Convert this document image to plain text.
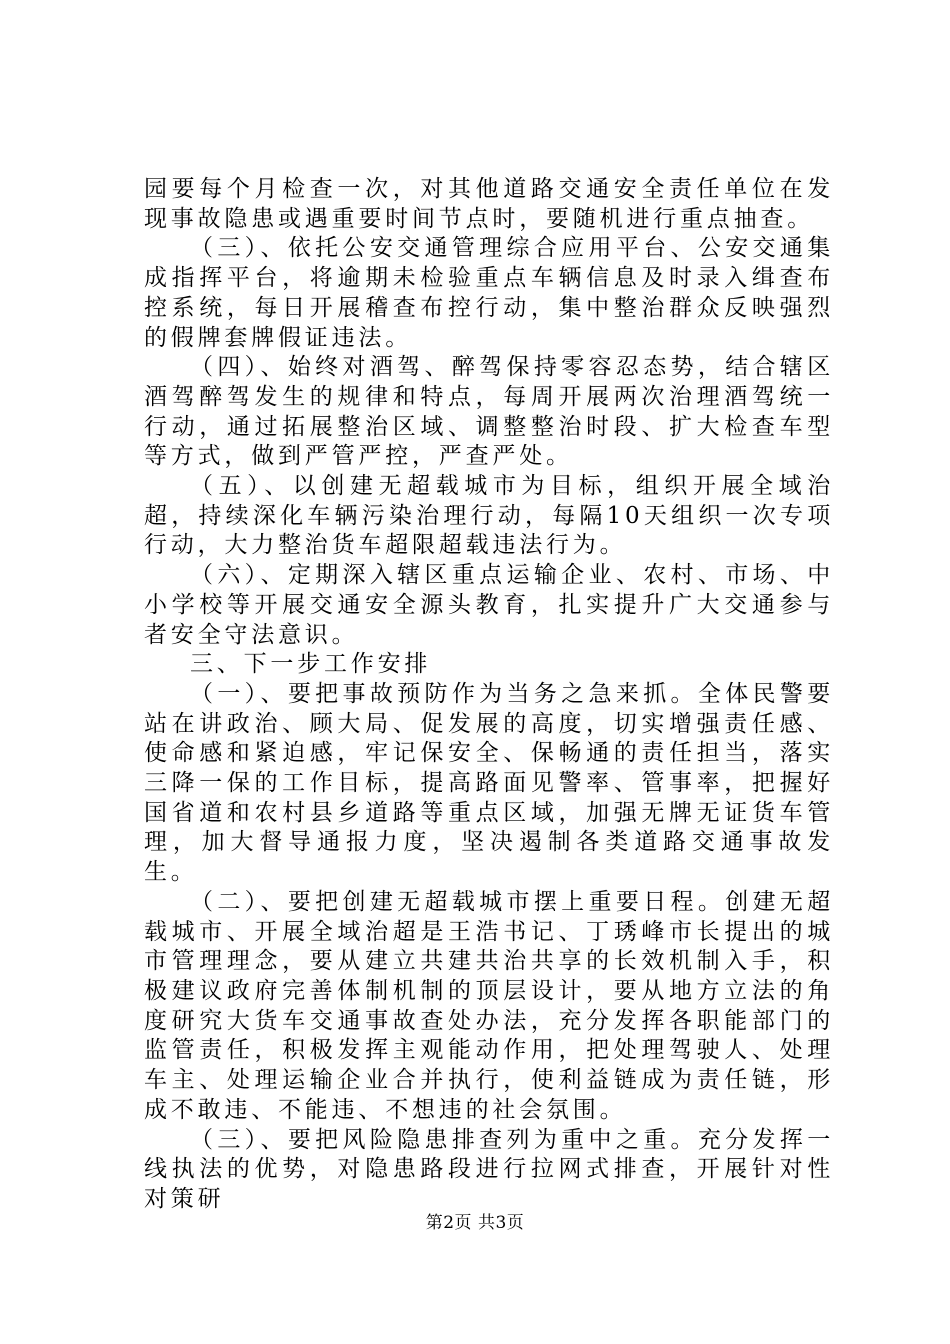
园要每个月检查一次，对其他道路交通安全责任单位在发现事故隐患或遇重要时间节点时，要随机进行重点抽查。

（三）、依托公安交通管理综合应用平台、公安交通集成指挥平台，将逾期未检验重点车辆信息及时录入缉查布控系统，每日开展稽查布控行动，集中整治群众反映强烈的假牌套牌假证违法。

（四）、始终对酒驾、醉驾保持零容忍态势，结合辖区酒驾醉驾发生的规律和特点，每周开展两次治理酒驾统一行动，通过拓展整治区域、调整整治时段、扩大检查车型等方式，做到严管严控，严查严处。

（五）、以创建无超载城市为目标，组织开展全域治超，持续深化车辆污染治理行动，每隔10天组织一次专项行动，大力整治货车超限超载违法行为。

（六）、定期深入辖区重点运输企业、农村、市场、中小学校等开展交通安全源头教育，扎实提升广大交通参与者安全守法意识。

三、下一步工作安排

（一）、要把事故预防作为当务之急来抓。全体民警要站在讲政治、顾大局、促发展的高度，切实增强责任感、使命感和紧迫感，牢记保安全、保畅通的责任担当，落实三降一保的工作目标，提高路面见警率、管事率，把握好国省道和农村县乡道路等重点区域，加强无牌无证货车管理，加大督导通报力度，坚决遏制各类道路交通事故发生。

（二）、要把创建无超载城市摆上重要日程。创建无超载城市、开展全域治超是王浩书记、丁琇峰市长提出的城市管理理念，要从建立共建共治共享的长效机制入手，积极建议政府完善体制机制的顶层设计，要从地方立法的角度研究大货车交通事故查处办法，充分发挥各职能部门的监管责任，积极发挥主观能动作用，把处理驾驶人、处理车主、处理运输企业合并执行，使利益链成为责任链，形成不敢违、不能违、不想违的社会氛围。

（三）、要把风险隐患排查列为重中之重。充分发挥一线执法的优势，对隐患路段进行拉网式排查，开展针对性对策研

第2页 共3页
